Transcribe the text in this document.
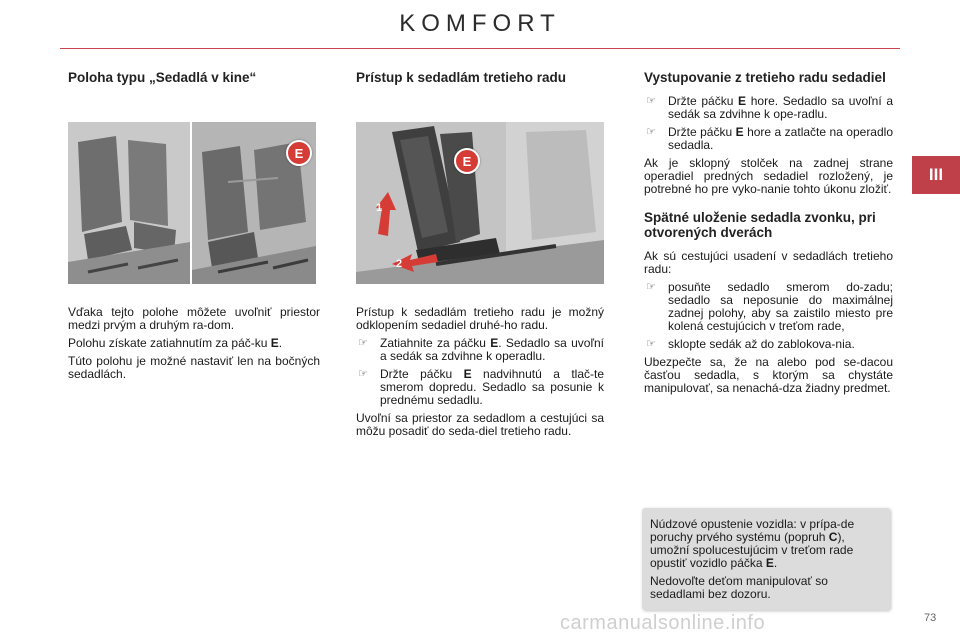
KOMFORT
III
Poloha typu „Sedadlá v kine“
E

Vďaka tejto polohe môžete uvoľniť priestor medzi prvým a druhým ra-dom.

Polohu získate zatiahnutím za páč-ku E.

Túto polohu je možné nastaviť len na bočných sedadlách.

Prístup k sedadlám tretieho radu
1
2
E

Prístup k sedadlám tretieho radu je možný odklopením sedadiel druhé-ho radu.

☞ Zatiahnite za páčku E. Sedadlo sa uvoľní a sedák sa zdvihne k operadlu.
☞ Držte páčku E nadvihnutú a tlač-te smerom dopredu. Sedadlo sa posunie k prednému sedadlu.

Uvoľní sa priestor za sedadlom a cestujúci sa môžu posadiť do seda-diel tretieho radu.

Vystupovanie z tretieho radu sedadiel
☞ Držte páčku E hore. Sedadlo sa uvoľní a sedák sa zdvihne k ope-radlu.
☞ Držte páčku E hore a zatlačte na operadlo sedadla.

Ak je sklopný stolček na zadnej strane operadiel predných sedadiel rozložený, je potrebné ho pre vyko-nanie tohto úkonu zložiť.

Spätné uloženie sedadla zvonku, pri otvorených dverách

Ak sú cestujúci usadení v sedadlách tretieho radu:

☞ posuňte sedadlo smerom do-zadu; sedadlo sa neposunie do maximálnej zadnej polohy, aby sa zaistilo miesto pre kolená cestujúcich v treťom rade,
☞ sklopte sedák až do zablokova-nia.

Ubezpečte sa, že na alebo pod se-dacou časťou sedadla, s ktorým sa chystáte manipulovať, sa nenachá-dza žiadny predmet.

Núdzové opustenie vozidla: v prípa-de poruchy prvého systému (popruh C), umožní spolucestujúcim v treťom rade opustiť vozidlo páčka E.

Nedovoľte deťom manipulovať so sedadlami bez dozoru.

carmanualsonline.info	73
